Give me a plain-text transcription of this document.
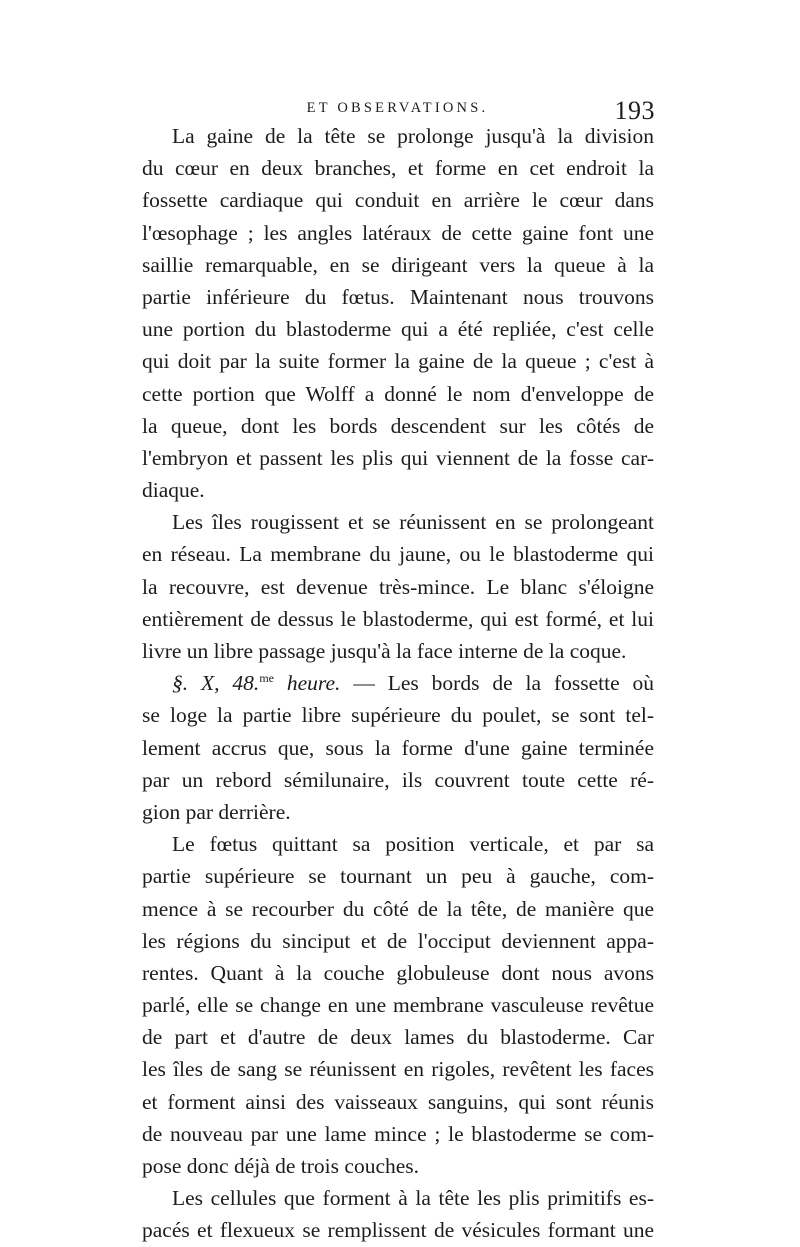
ET OBSERVATIONS.	193
La gaine de la tête se prolonge jusqu'à la division
du cœur en deux branches, et forme en cet endroit la
fossette cardiaque qui conduit en arrière le cœur dans
l'œsophage ; les angles latéraux de cette gaine font une
saillie remarquable, en se dirigeant vers la queue à la
partie inférieure du fœtus. Maintenant nous trouvons
une portion du blastoderme qui a été repliée, c'est celle
qui doit par la suite former la gaine de la queue ; c'est à
cette portion que Wolff a donné le nom d'enveloppe de
la queue, dont les bords descendent sur les côtés de
l'embryon et passent les plis qui viennent de la fosse car-
diaque.
Les îles rougissent et se réunissent en se prolongeant
en réseau. La membrane du jaune, ou le blastoderme qui
la recouvre, est devenue très-mince. Le blanc s'éloigne
entièrement de dessus le blastoderme, qui est formé, et lui
livre un libre passage jusqu'à la face interne de la coque.
§. X, 48.$^{me}$ heure. — Les bords de la fossette où
se loge la partie libre supérieure du poulet, se sont tel-
lement accrus que, sous la forme d'une gaine terminée
par un rebord sémilunaire, ils couvrent toute cette ré-
gion par derrière.
Le fœtus quittant sa position verticale, et par sa
partie supérieure se tournant un peu à gauche, com-
mence à se recourber du côté de la tête, de manière que
les régions du sinciput et de l'occiput deviennent appa-
rentes. Quant à la couche globuleuse dont nous avons
parlé, elle se change en une membrane vasculeuse revêtue
de part et d'autre de deux lames du blastoderme. Car
les îles de sang se réunissent en rigoles, revêtent les faces
et forment ainsi des vaisseaux sanguins, qui sont réunis
de nouveau par une lame mince ; le blastoderme se com-
pose donc déjà de trois couches.
Les cellules que forment à la tête les plis primitifs es-
pacés et flexueux se remplissent de vésicules formant une
